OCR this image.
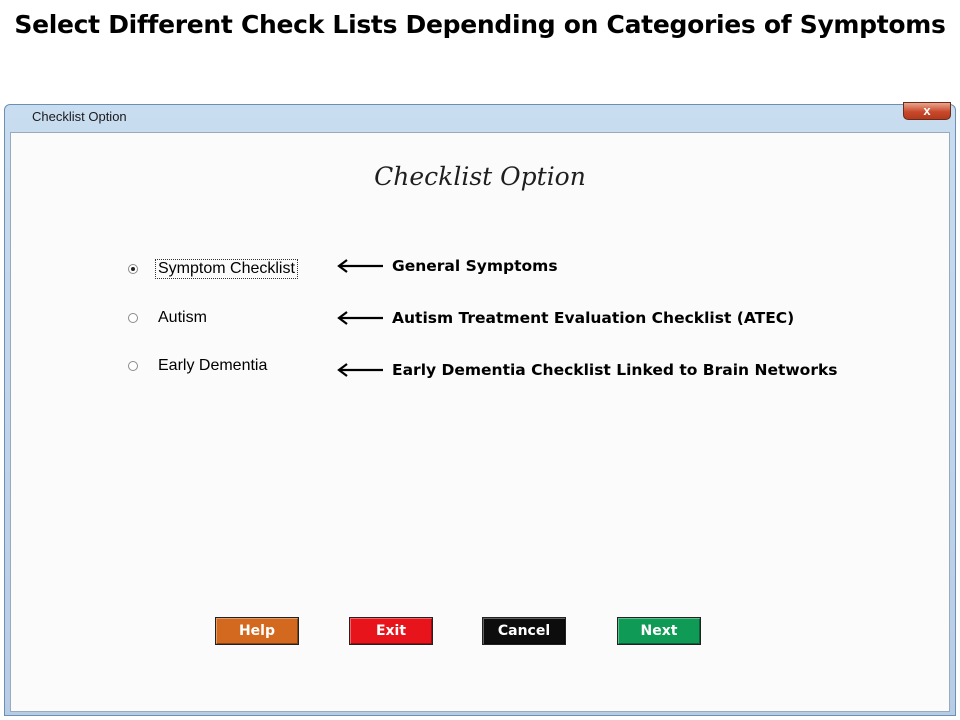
Select Different Check Lists Depending on Categories of Symptoms
Checklist Option	x
Checklist Option
Symptom Checklist
Autism
Early Dementia
General Symptoms
Autism Treatment Evaluation Checklist (ATEC)
Early Dementia Checklist Linked to Brain Networks
Help	Exit	Cancel	Next
